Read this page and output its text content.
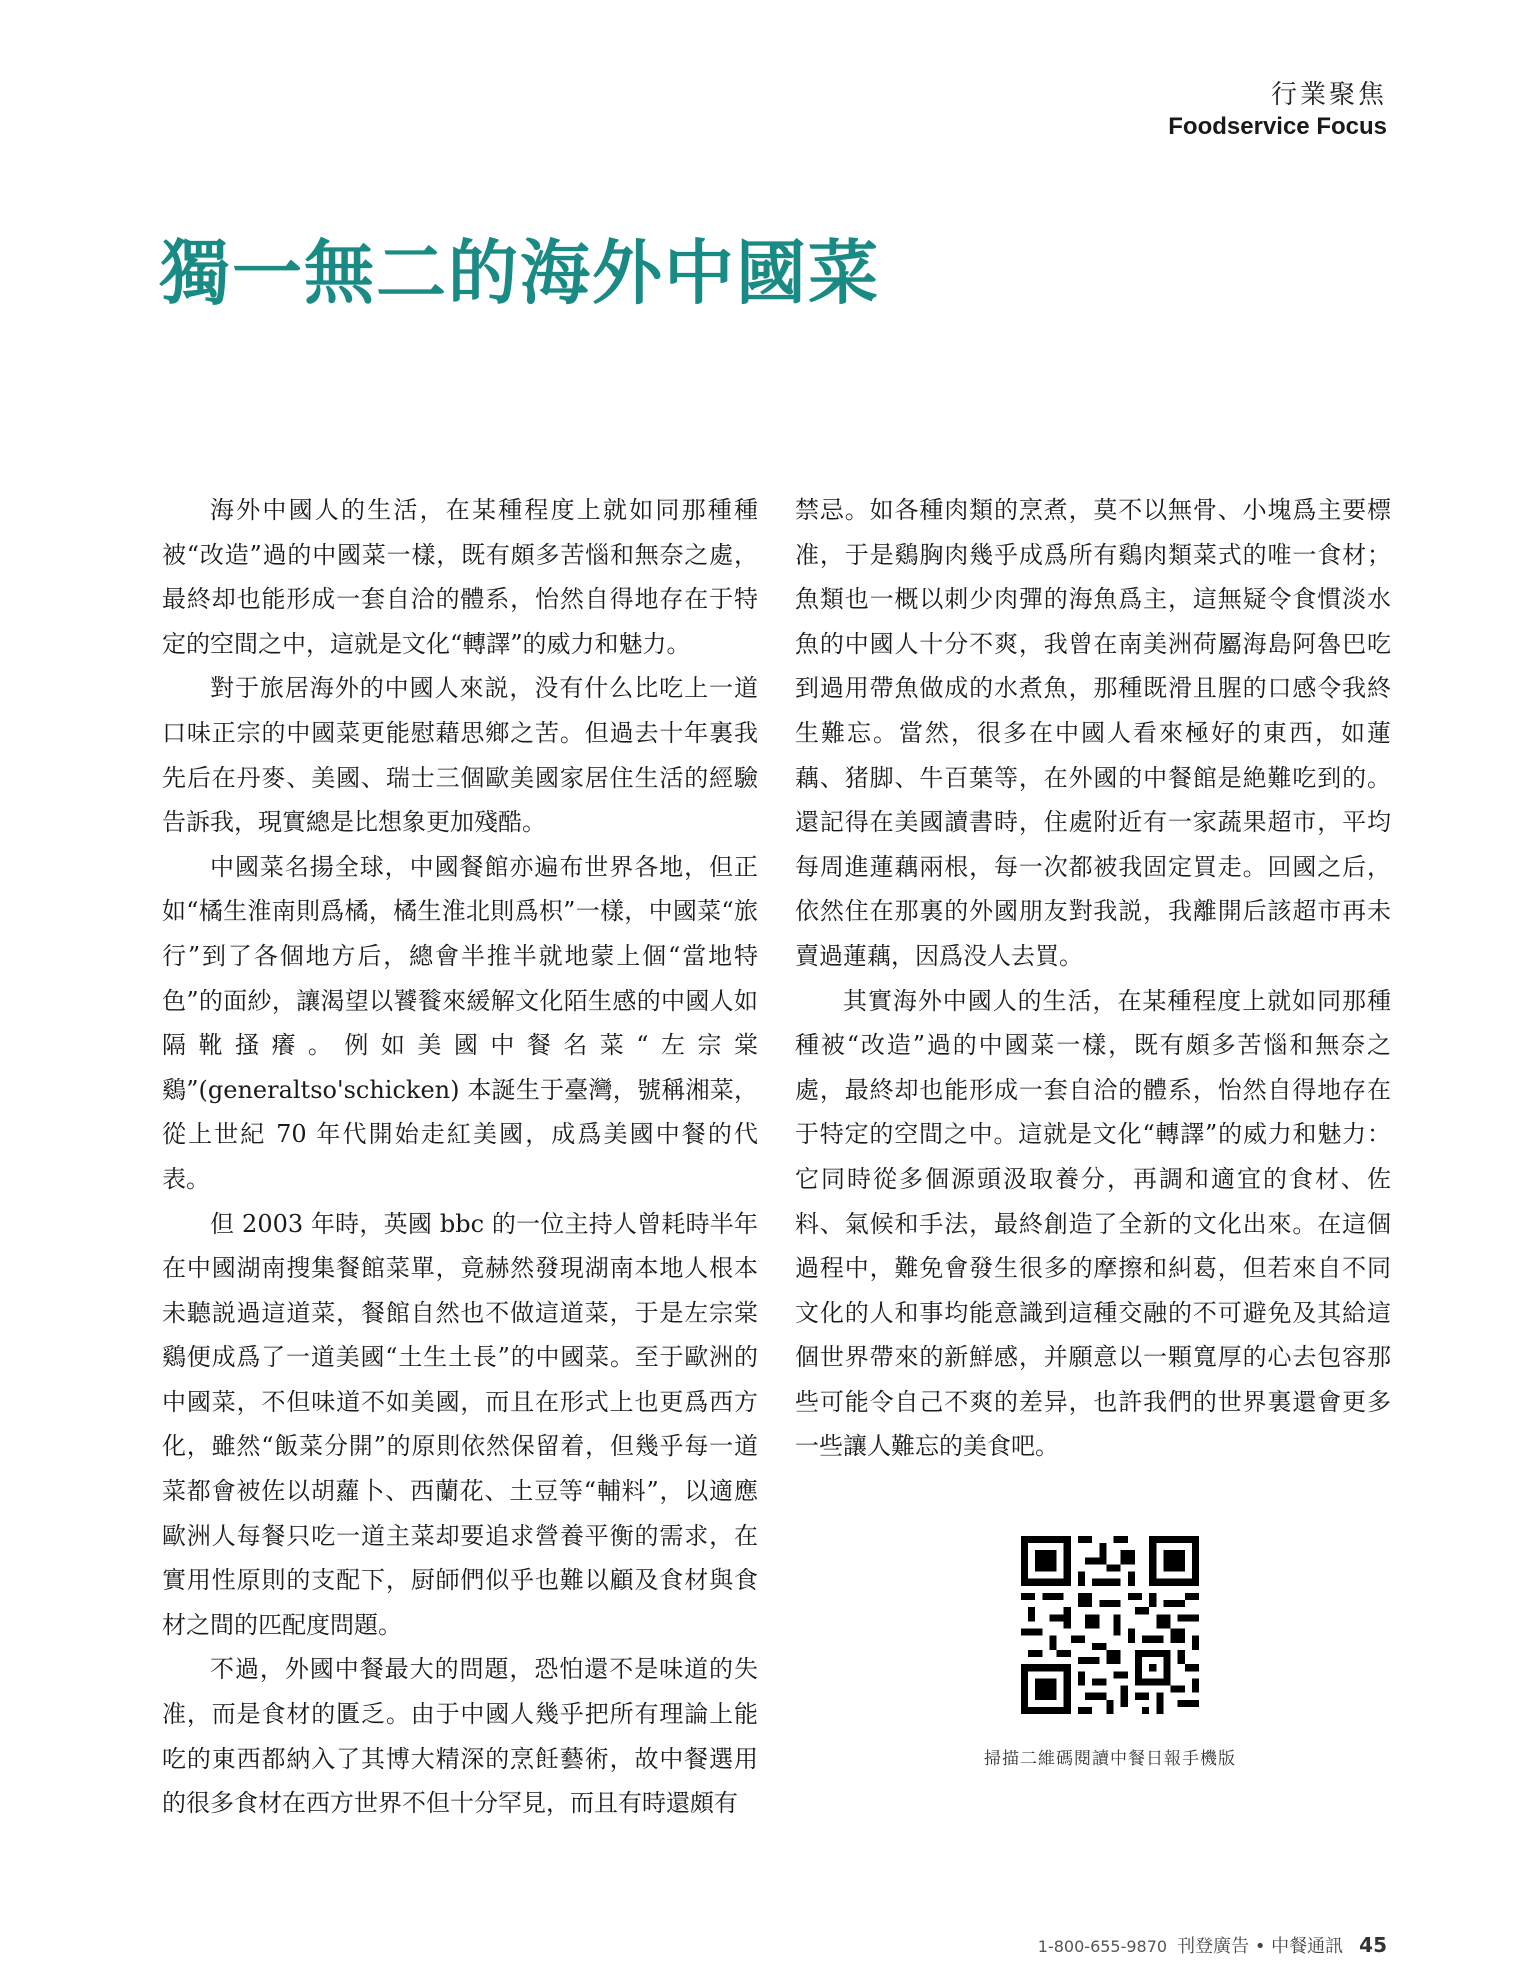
行業聚焦
Foodservice Focus
獨一無二的海外中國菜

海外中國人的生活，在某種程度上就如同那種種被“改造”過的中國菜一樣，既有頗多苦惱和無奈之處，最終却也能形成一套自洽的體系，怡然自得地存在于特定的空間之中，這就是文化“轉譯”的威力和魅力。

對于旅居海外的中國人來説，没有什么比吃上一道口味正宗的中國菜更能慰藉思鄉之苦。但過去十年裏我先后在丹麥、美國、瑞士三個歐美國家居住生活的經驗告訴我，現實總是比想象更加殘酷。

中國菜名揚全球，中國餐館亦遍布世界各地，但正如“橘生淮南則爲橘，橘生淮北則爲枳”一樣，中國菜“旅行”到了各個地方后，總會半推半就地蒙上個“當地特色”的面紗，讓渴望以饕餮來緩解文化陌生感的中國人如隔靴搔癢。例如美國中餐名菜“左宗棠鷄”(generaltso'schicken) 本誕生于臺灣，號稱湘菜，從上世紀 70 年代開始走紅美國，成爲美國中餐的代表。

但 2003 年時，英國 bbc 的一位主持人曾耗時半年在中國湖南搜集餐館菜單，竟赫然發現湖南本地人根本未聽説過這道菜，餐館自然也不做這道菜，于是左宗棠鷄便成爲了一道美國“土生土長”的中國菜。至于歐洲的中國菜，不但味道不如美國，而且在形式上也更爲西方化，雖然“飯菜分開”的原則依然保留着，但幾乎每一道菜都會被佐以胡蘿卜、西蘭花、土豆等“輔料”，以適應歐洲人每餐只吃一道主菜却要追求營養平衡的需求，在實用性原則的支配下，厨師們似乎也難以顧及食材與食材之間的匹配度問題。

不過，外國中餐最大的問題，恐怕還不是味道的失准，而是食材的匱乏。由于中國人幾乎把所有理論上能吃的東西都納入了其博大精深的烹飪藝術，故中餐選用的很多食材在西方世界不但十分罕見，而且有時還頗有

禁忌。如各種肉類的烹煮，莫不以無骨、小塊爲主要標准，于是鷄胸肉幾乎成爲所有鷄肉類菜式的唯一食材；魚類也一概以刺少肉彈的海魚爲主，這無疑令食慣淡水魚的中國人十分不爽，我曾在南美洲荷屬海島阿魯巴吃到過用帶魚做成的水煮魚，那種既滑且腥的口感令我終生難忘。當然，很多在中國人看來極好的東西，如蓮藕、猪脚、牛百葉等，在外國的中餐館是絶難吃到的。還記得在美國讀書時，住處附近有一家蔬果超市，平均每周進蓮藕兩根，每一次都被我固定買走。回國之后，依然住在那裏的外國朋友對我説，我離開后該超市再未賣過蓮藕，因爲没人去買。

其實海外中國人的生活，在某種程度上就如同那種種被“改造”過的中國菜一樣，既有頗多苦惱和無奈之處，最終却也能形成一套自洽的體系，怡然自得地存在于特定的空間之中。這就是文化“轉譯”的威力和魅力：它同時從多個源頭汲取養分，再調和適宜的食材、佐料、氣候和手法，最終創造了全新的文化出來。在這個過程中，難免會發生很多的摩擦和糾葛，但若來自不同文化的人和事均能意識到這種交融的不可避免及其給這個世界帶來的新鮮感，并願意以一顆寬厚的心去包容那些可能令自己不爽的差异，也許我們的世界裏還會更多一些讓人難忘的美食吧。

掃描二維碼閱讀中餐日報手機版
1-800-655-9870 刊登廣告 • 中餐通訊 45
